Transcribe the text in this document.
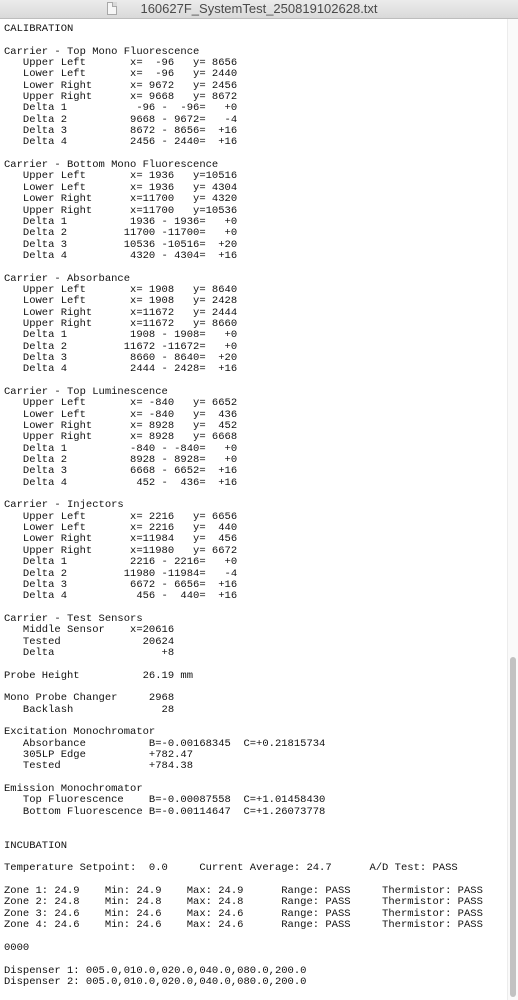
160627F_SystemTest_250819102628.txt
CALIBRATION

Carrier - Top Mono Fluorescence
Upper Left       x=  -96   y= 8656
Lower Left       x=  -96   y= 2440
Lower Right      x= 9672   y= 2456
Upper Right      x= 9668   y= 8672
Delta 1           -96 -  -96=   +0
Delta 2          9668 - 9672=   -4
Delta 3          8672 - 8656=  +16
Delta 4          2456 - 2440=  +16

Carrier - Bottom Mono Fluorescence
Upper Left       x= 1936   y=10516
Lower Left       x= 1936   y= 4304
Lower Right      x=11700   y= 4320
Upper Right      x=11700   y=10536
Delta 1          1936 - 1936=   +0
Delta 2         11700 -11700=   +0
Delta 3         10536 -10516=  +20
Delta 4          4320 - 4304=  +16

Carrier - Absorbance
Upper Left       x= 1908   y= 8640
Lower Left       x= 1908   y= 2428
Lower Right      x=11672   y= 2444
Upper Right      x=11672   y= 8660
Delta 1          1908 - 1908=   +0
Delta 2         11672 -11672=   +0
Delta 3          8660 - 8640=  +20
Delta 4          2444 - 2428=  +16

Carrier - Top Luminescence
Upper Left       x= -840   y= 6652
Lower Left       x= -840   y=  436
Lower Right      x= 8928   y=  452
Upper Right      x= 8928   y= 6668
Delta 1          -840 - -840=   +0
Delta 2          8928 - 8928=   +0
Delta 3          6668 - 6652=  +16
Delta 4           452 -  436=  +16

Carrier - Injectors
Upper Left       x= 2216   y= 6656
Lower Left       x= 2216   y=  440
Lower Right      x=11984   y=  456
Upper Right      x=11980   y= 6672
Delta 1          2216 - 2216=   +0
Delta 2         11980 -11984=   -4
Delta 3          6672 - 6656=  +16
Delta 4           456 -  440=  +16

Carrier - Test Sensors
Middle Sensor    x=20616
Tested             20624
Delta                 +8

Probe Height          26.19 mm

Mono Probe Changer     2968
Backlash              28

Excitation Monochromator
Absorbance          B=-0.00168345  C=+0.21815734
305LP Edge          +782.47
Tested              +784.38

Emission Monochromator
Top Fluorescence    B=-0.00087558  C=+1.01458430
Bottom Fluorescence B=-0.00114647  C=+1.26073778

INCUBATION

Temperature Setpoint:  0.0     Current Average: 24.7      A/D Test: PASS

Zone 1: 24.9    Min: 24.9    Max: 24.9      Range: PASS     Thermistor: PASS
Zone 2: 24.8    Min: 24.8    Max: 24.8      Range: PASS     Thermistor: PASS
Zone 3: 24.6    Min: 24.6    Max: 24.6      Range: PASS     Thermistor: PASS
Zone 4: 24.6    Min: 24.6    Max: 24.6      Range: PASS     Thermistor: PASS

0000

Dispenser 1: 005.0,010.0,020.0,040.0,080.0,200.0
Dispenser 2: 005.0,010.0,020.0,040.0,080.0,200.0
